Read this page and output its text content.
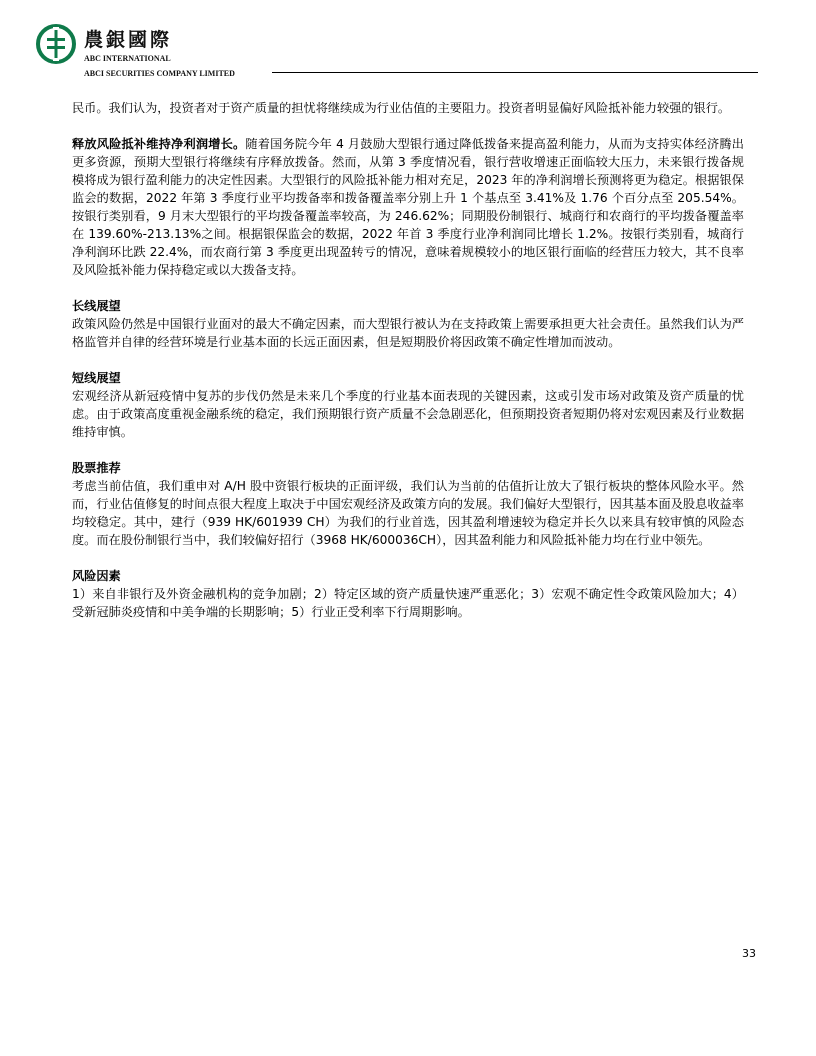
農銀國際
ABC INTERNATIONAL
ABCI SECURITIES COMPANY LIMITED

民币。我们认为，投资者对于资产质量的担忧将继续成为行业估值的主要阻力。投资者明显偏好风险抵补能力较强的银行。

释放风险抵补维持净利润增长。随着国务院今年 4 月鼓励大型银行通过降低拨备来提高盈利能力，从而为支持实体经济腾出更多资源，预期大型银行将继续有序释放拨备。然而，从第 3 季度情况看，银行营收增速正面临较大压力，未来银行拨备规模将成为银行盈利能力的决定性因素。大型银行的风险抵补能力相对充足，2023 年的净利润增长预测将更为稳定。根据银保监会的数据，2022 年第 3 季度行业平均拨备率和拨备覆盖率分别上升 1 个基点至 3.41%及 1.76 个百分点至 205.54%。按银行类别看，9 月末大型银行的平均拨备覆盖率较高，为 246.62%；同期股份制银行、城商行和农商行的平均拨备覆盖率在 139.60%-213.13%之间。根据银保监会的数据，2022 年首 3 季度行业净利润同比增长 1.2%。按银行类别看，城商行净利润环比跌 22.4%，而农商行第 3 季度更出现盈转亏的情况，意味着规模较小的地区银行面临的经营压力较大，其不良率及风险抵补能力保持稳定或以大拨备支持。

长线展望

政策风险仍然是中国银行业面对的最大不确定因素，而大型银行被认为在支持政策上需要承担更大社会责任。虽然我们认为严格监管并自律的经营环境是行业基本面的长远正面因素，但是短期股价将因政策不确定性增加而波动。

短线展望

宏观经济从新冠疫情中复苏的步伐仍然是未来几个季度的行业基本面表现的关键因素，这或引发市场对政策及资产质量的忧虑。由于政策高度重视金融系统的稳定，我们预期银行资产质量不会急剧恶化，但预期投资者短期仍将对宏观因素及行业数据维持审慎。

股票推荐

考虑当前估值，我们重申对 A/H 股中资银行板块的正面评级，我们认为当前的估值折让放大了银行板块的整体风险水平。然而，行业估值修复的时间点很大程度上取决于中国宏观经济及政策方向的发展。我们偏好大型银行，因其基本面及股息收益率均较稳定。其中，建行（939 HK/601939 CH）为我们的行业首选，因其盈利增速较为稳定并长久以来具有较审慎的风险态度。而在股份制银行当中，我们较偏好招行（3968 HK/600036CH），因其盈利能力和风险抵补能力均在行业中领先。

风险因素

1）来自非银行及外资金融机构的竞争加剧；2）特定区域的资产质量快速严重恶化；3）宏观不确定性令政策风险加大；4）受新冠肺炎疫情和中美争端的长期影响；5）行业正受利率下行周期影响。

33
